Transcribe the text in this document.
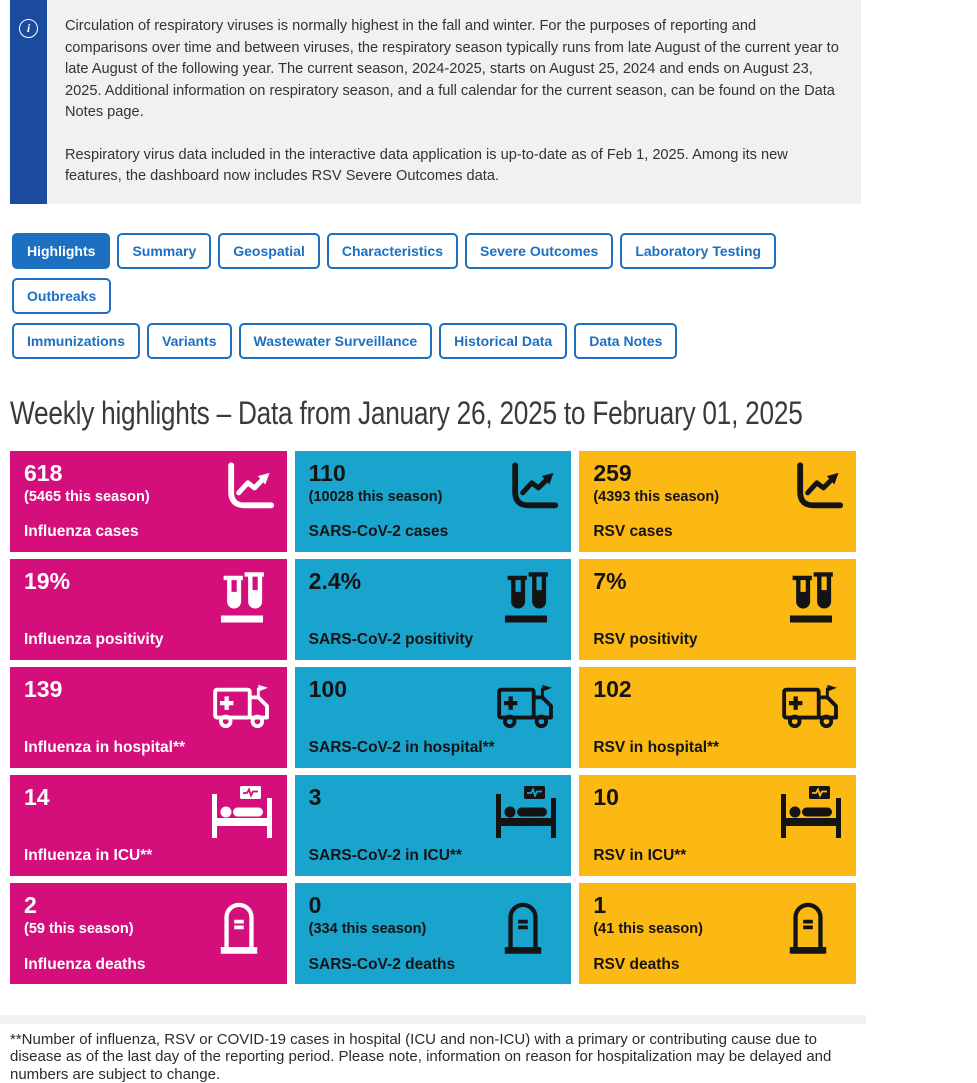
i	Circulation of respiratory viruses is normally highest in the fall and winter. For the purposes of reporting and comparisons over time and between viruses, the respiratory season typically runs from late August of the current year to late August of the following year. The current season, 2024-2025, starts on August 25, 2024 and ends on August 23, 2025. Additional information on respiratory season, and a full calendar for the current season, can be found on the Data Notes page.

Respiratory virus data included in the interactive data application is up-to-date as of Feb 1, 2025. Among its new features, the dashboard now includes RSV Severe Outcomes data.

Highlights	Summary	Geospatial	Characteristics	Severe Outcomes	Laboratory TestingOutbreaks
Immunizations	Variants	Wastewater Surveillance	Historical Data	Data Notes
Weekly highlights – Data from January 26, 2025 to February 01, 2025
618
(5465 this season)
Influenza cases
110
(10028 this season)
SARS-CoV-2 cases
259
(4393 this season)
RSV cases
19%
Influenza positivity
2.4%
SARS-CoV-2 positivity
7%
RSV positivity
139
Influenza in hospital**
100
SARS-CoV-2 in hospital**
102
RSV in hospital**
14
Influenza in ICU**
3
SARS-CoV-2 in ICU**
10
RSV in ICU**
2
(59 this season)
Influenza deaths
0
(334 this season)
SARS-CoV-2 deaths
1
(41 this season)
RSV deaths

**Number of influenza, RSV or COVID-19 cases in hospital (ICU and non-ICU) with a primary or contributing cause due to disease as of the last day of the reporting period. Please note, information on reason for hospitalization may be delayed and numbers are subject to change.
